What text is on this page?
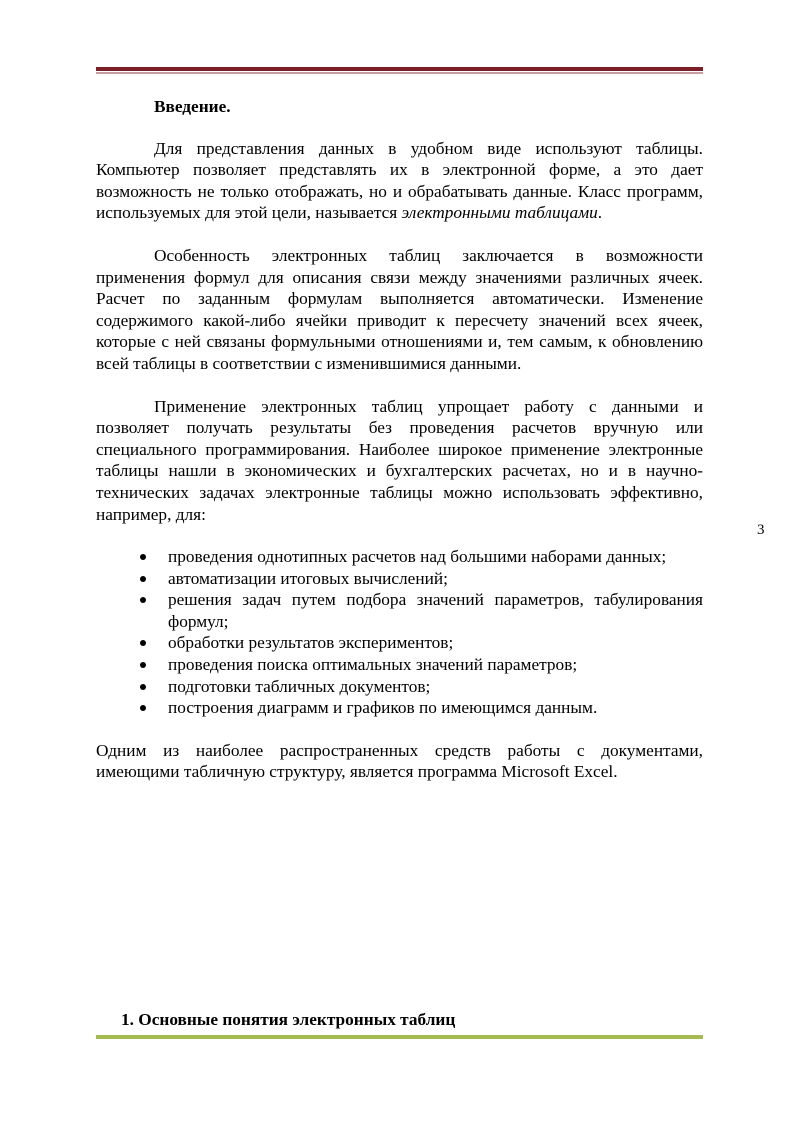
Введение.

Для представления данных в удобном виде используют таблицы. Компьютер позволяет представлять их в электронной форме, а это дает возможность не только отображать, но и обрабатывать данные. Класс программ, используемых для этой цели, называется электронными таблицами.

Особенность электронных таблиц заключается в возможности применения формул для описания связи между значениями различных ячеек. Расчет по заданным формулам выполняется автоматически. Изменение содержимого какой-либо ячейки приводит к пересчету значений всех ячеек, которые с ней связаны формульными отношениями и, тем самым, к обновлению всей таблицы в соответствии с изменившимися данными.

Применение электронных таблиц упрощает работу с данными и позволяет получать результаты без проведения расчетов вручную или специального программирования. Наиболее широкое применение электронные таблицы нашли в экономических и бухгалтерских расчетах, но и в научно-технических задачах электронные таблицы можно использовать эффективно, например, для:

проведения однотипных расчетов над большими наборами данных;
автоматизации итоговых вычислений;
решения задач путем подбора значений параметров, табулирования формул;
обработки результатов экспериментов;
проведения поиска оптимальных значений параметров;
подготовки табличных документов;
построения диаграмм и графиков по имеющимся данным.

Одним из наиболее распространенных средств работы с документами, имеющими табличную структуру, является программа Microsoft Excel.

3
1. Основные понятия электронных таблиц
